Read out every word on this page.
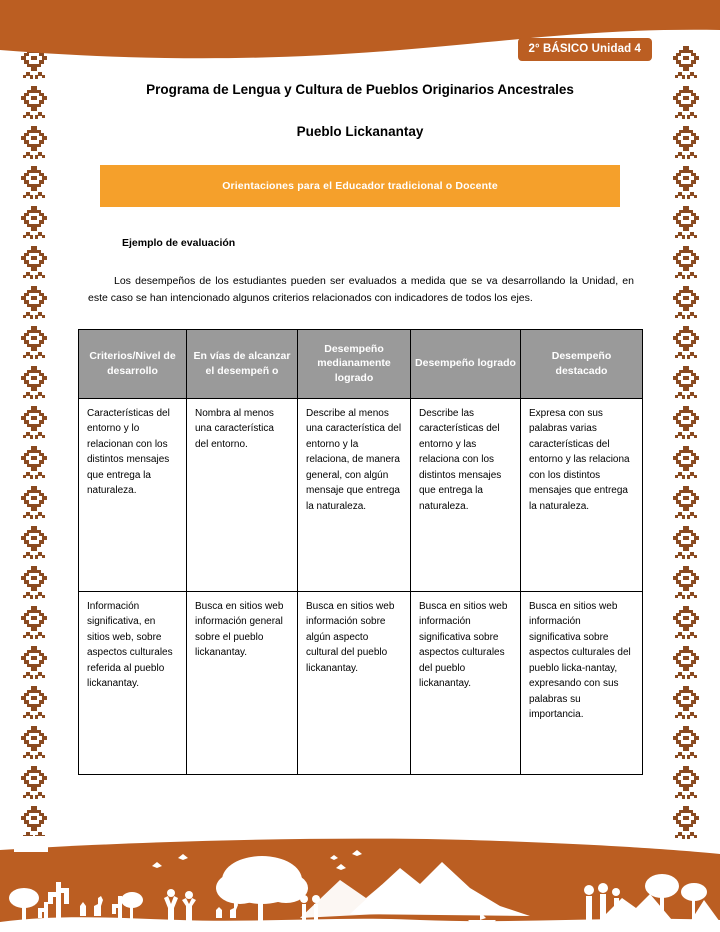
2° BÁSICO Unidad 4
Programa de Lengua y Cultura de Pueblos Originarios Ancestrales
Pueblo Lickanantay
Orientaciones para el Educador tradicional o Docente
Ejemplo de evaluación

Los desempeños de los estudiantes pueden ser evaluados a medida que se va desarrollando la Unidad, en este caso se han intencionado algunos criterios relacionados con indicadores de todos los ejes.

Criterios/Nivel de desarrollo	En vías de alcanzar el desempeñ o	Desempeño medianamente logrado	Desempeño logrado	Desempeño destacado
Características del entorno y lo relacionan con los distintos mensajes que entrega la naturaleza.	Nombra al menos una característica del entorno.	Describe al menos una característica del entorno y la relaciona, de manera general, con algún mensaje que entrega la naturaleza.	Describe las características del entorno y las relaciona con los distintos mensajes que entrega la naturaleza.	Expresa con sus palabras varias características del entorno y las relaciona con los distintos mensajes que entrega la naturaleza.
Información significativa, en sitios web, sobre aspectos culturales referida al pueblo lickanantay.	Busca en sitios web información general sobre el pueblo lickanantay.	Busca en sitios web información sobre algún aspecto cultural del pueblo lickanantay.	Busca en sitios web información significativa sobre aspectos culturales del pueblo lickanantay.	Busca en sitios web información significativa sobre aspectos culturales del pueblo licka-nantay, expresando con sus palabras su importancia.
